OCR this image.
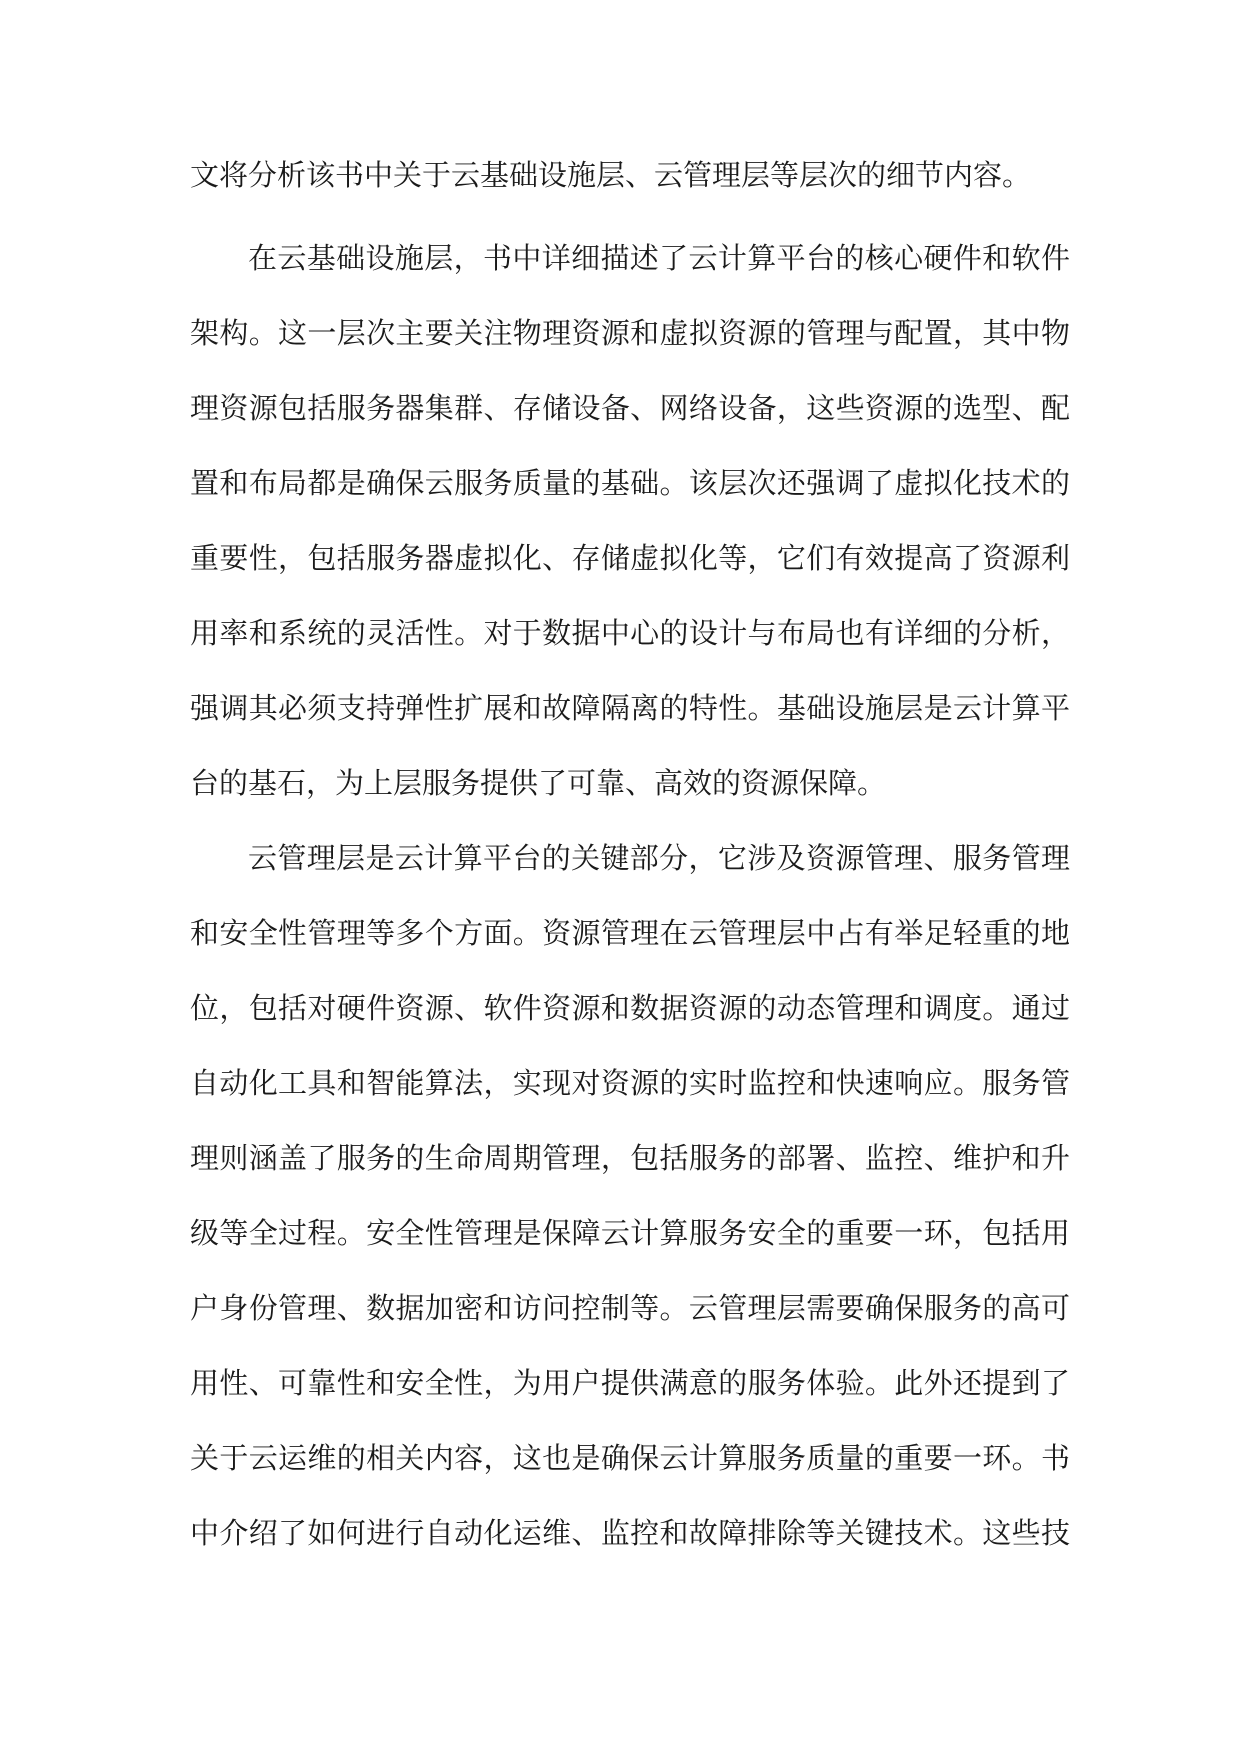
文将分析该书中关于云基础设施层、云管理层等层次的细节内容。

在云基础设施层，书中详细描述了云计算平台的核心硬件和软件

架构。这一层次主要关注物理资源和虚拟资源的管理与配置，其中物

理资源包括服务器集群、存储设备、网络设备，这些资源的选型、配

置和布局都是确保云服务质量的基础。该层次还强调了虚拟化技术的

重要性，包括服务器虚拟化、存储虚拟化等，它们有效提高了资源利

用率和系统的灵活性。对于数据中心的设计与布局也有详细的分析，

强调其必须支持弹性扩展和故障隔离的特性。基础设施层是云计算平

台的基石，为上层服务提供了可靠、高效的资源保障。

云管理层是云计算平台的关键部分，它涉及资源管理、服务管理

和安全性管理等多个方面。资源管理在云管理层中占有举足轻重的地

位，包括对硬件资源、软件资源和数据资源的动态管理和调度。通过

自动化工具和智能算法，实现对资源的实时监控和快速响应。服务管

理则涵盖了服务的生命周期管理，包括服务的部署、监控、维护和升

级等全过程。安全性管理是保障云计算服务安全的重要一环，包括用

户身份管理、数据加密和访问控制等。云管理层需要确保服务的高可

用性、可靠性和安全性，为用户提供满意的服务体验。此外还提到了

关于云运维的相关内容，这也是确保云计算服务质量的重要一环。书

中介绍了如何进行自动化运维、监控和故障排除等关键技术。这些技
